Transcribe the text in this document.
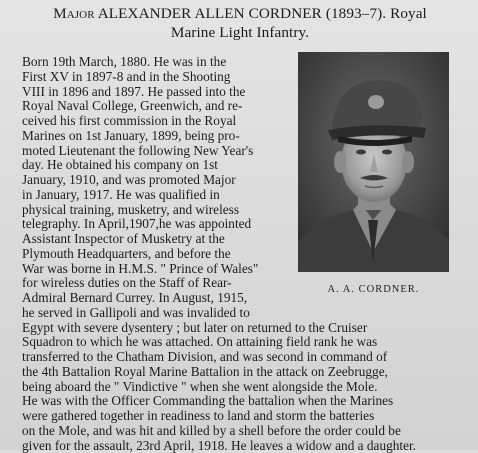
Major ALEXANDER ALLEN CORDNER (1893–7). Royal
Marine Light Infantry.
A. A. CORDNER.
Born 19th March, 1880. He was in the
First XV in 1897-8 and in the Shooting
VIII in 1896 and 1897. He passed into the
Royal Naval College, Greenwich, and re-
ceived his first commission in the Royal
Marines on 1st January, 1899, being pro-
moted Lieutenant the following New Year's
day. He obtained his company on 1st
January, 1910, and was promoted Major
in January, 1917. He was qualified in
physical training, musketry, and wireless
telegraphy. In April,1907,he was appointed
Assistant Inspector of Musketry at the
Plymouth Headquarters, and before the
War was borne in H.M.S. " Prince of Wales"
for wireless duties on the Staff of Rear-
Admiral Bernard Currey. In August, 1915,
he served in Gallipoli and was invalided to
Egypt with severe dysentery ; but later on returned to the Cruiser
Squadron to which he was attached. On attaining field rank he was
transferred to the Chatham Division, and was second in command of
the 4th Battalion Royal Marine Battalion in the attack on Zeebrugge,
being aboard the " Vindictive " when she went alongside the Mole.
He was with the Officer Commanding the battalion when the Marines
were gathered together in readiness to land and storm the batteries
on the Mole, and was hit and killed by a shell before the order could be
given for the assault, 23rd April, 1918. He leaves a widow and a daughter.
